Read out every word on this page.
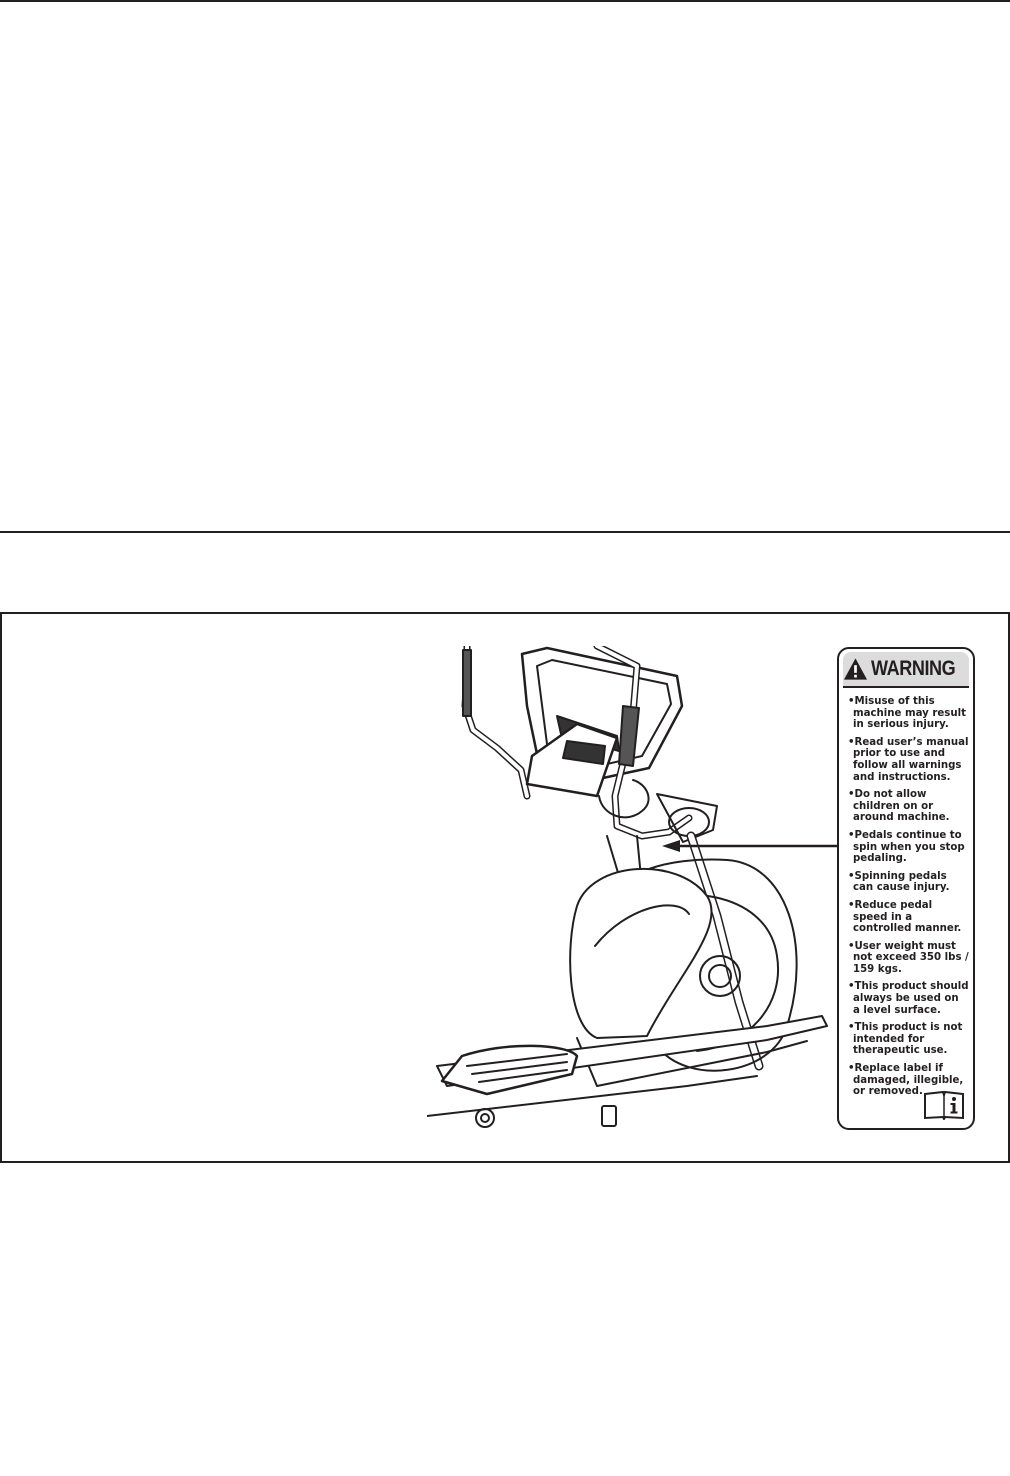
WARNING
• Misuse of this machine may result in serious injury.
• Read user’s manual prior to use and follow all warnings and instructions.
• Do not allow children on or around machine.
• Pedals continue to spin when you stop pedaling.
• Spinning pedals can cause injury.
• Reduce pedal speed in a controlled manner.
• User weight must not exceed 350 lbs / 159 kgs.
• This product should always be used on a level surface.
• This product is not intended for therapeutic use.
• Replace label if damaged, illegible, or removed.
